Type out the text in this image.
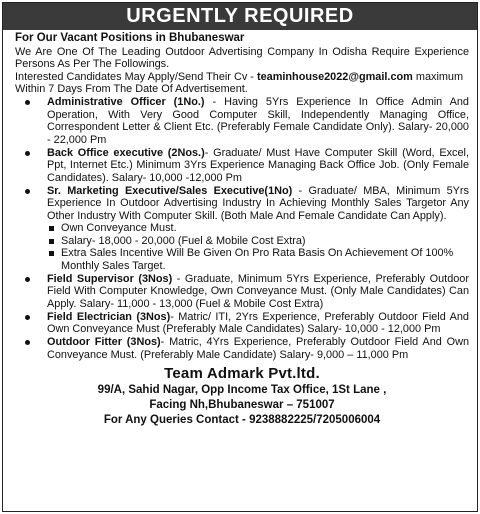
URGENTLY REQUIRED
For Our Vacant Positions in Bhubaneswar
We Are One Of The Leading Outdoor Advertising Company In Odisha Require Experience Persons As Per The Followings.
Interested Candidates May Apply/Send Their Cv - teaminhouse2022@gmail.com maximum Within 7 Days From The Date Of Advertisement.
Administrative Officer (1No.) - Having 5Yrs Experience In Office Admin And Operation, With Very Good Computer Skill, Independently Managing Office, Correspondent Letter & Client Etc. (Preferably Female Candidate Only). Salary- 20,000 - 22,000 Pm
Back Office executive (2Nos.)- Graduate/ Must Have Computer Skill (Word, Excel, Ppt, Internet Etc.) Minimum 3Yrs Experience Managing Back Office Job. (Only Female Candidates). Salary- 10,000 -12,000 Pm
Sr. Marketing Executive/Sales Executive(1No) - Graduate/ MBA, Minimum 5Yrs Experience In Outdoor Advertising Industry In Achieving Monthly Sales Targetor Any Other Industry With Computer Skill. (Both Male And Female Candidate Can Apply).
Own Conveyance Must.
Salary- 18,000 - 20,000 (Fuel & Mobile Cost Extra)
Extra Sales Incentive Will Be Given On Pro Rata Basis On Achievement Of 100% Monthly Sales Target.
Field Supervisor (3Nos) - Graduate, Minimum 5Yrs Experience, Preferably Outdoor Field With Computer Knowledge, Own Conveyance Must. (Only Male Candidates) Can Apply. Salary- 11,000 - 13,000 (Fuel & Mobile Cost Extra)
Field Electrician (3Nos)- Matric/ ITI, 2Yrs Experience, Preferably Outdoor Field And Own Conveyance Must (Preferably Male Candidates) Salary- 10,000 - 12,000 Pm
Outdoor Fitter (3Nos)- Matric, 4Yrs Experience, Preferably Outdoor Field And Own Conveyance Must. (Preferably Male Candidate) Salary- 9,000 – 11,000 Pm
Team Admark Pvt.ltd.
99/A, Sahid Nagar, Opp Income Tax Office, 1St Lane ,
Facing Nh,Bhubaneswar – 751007
For Any Queries Contact - 9238882225/7205006004
